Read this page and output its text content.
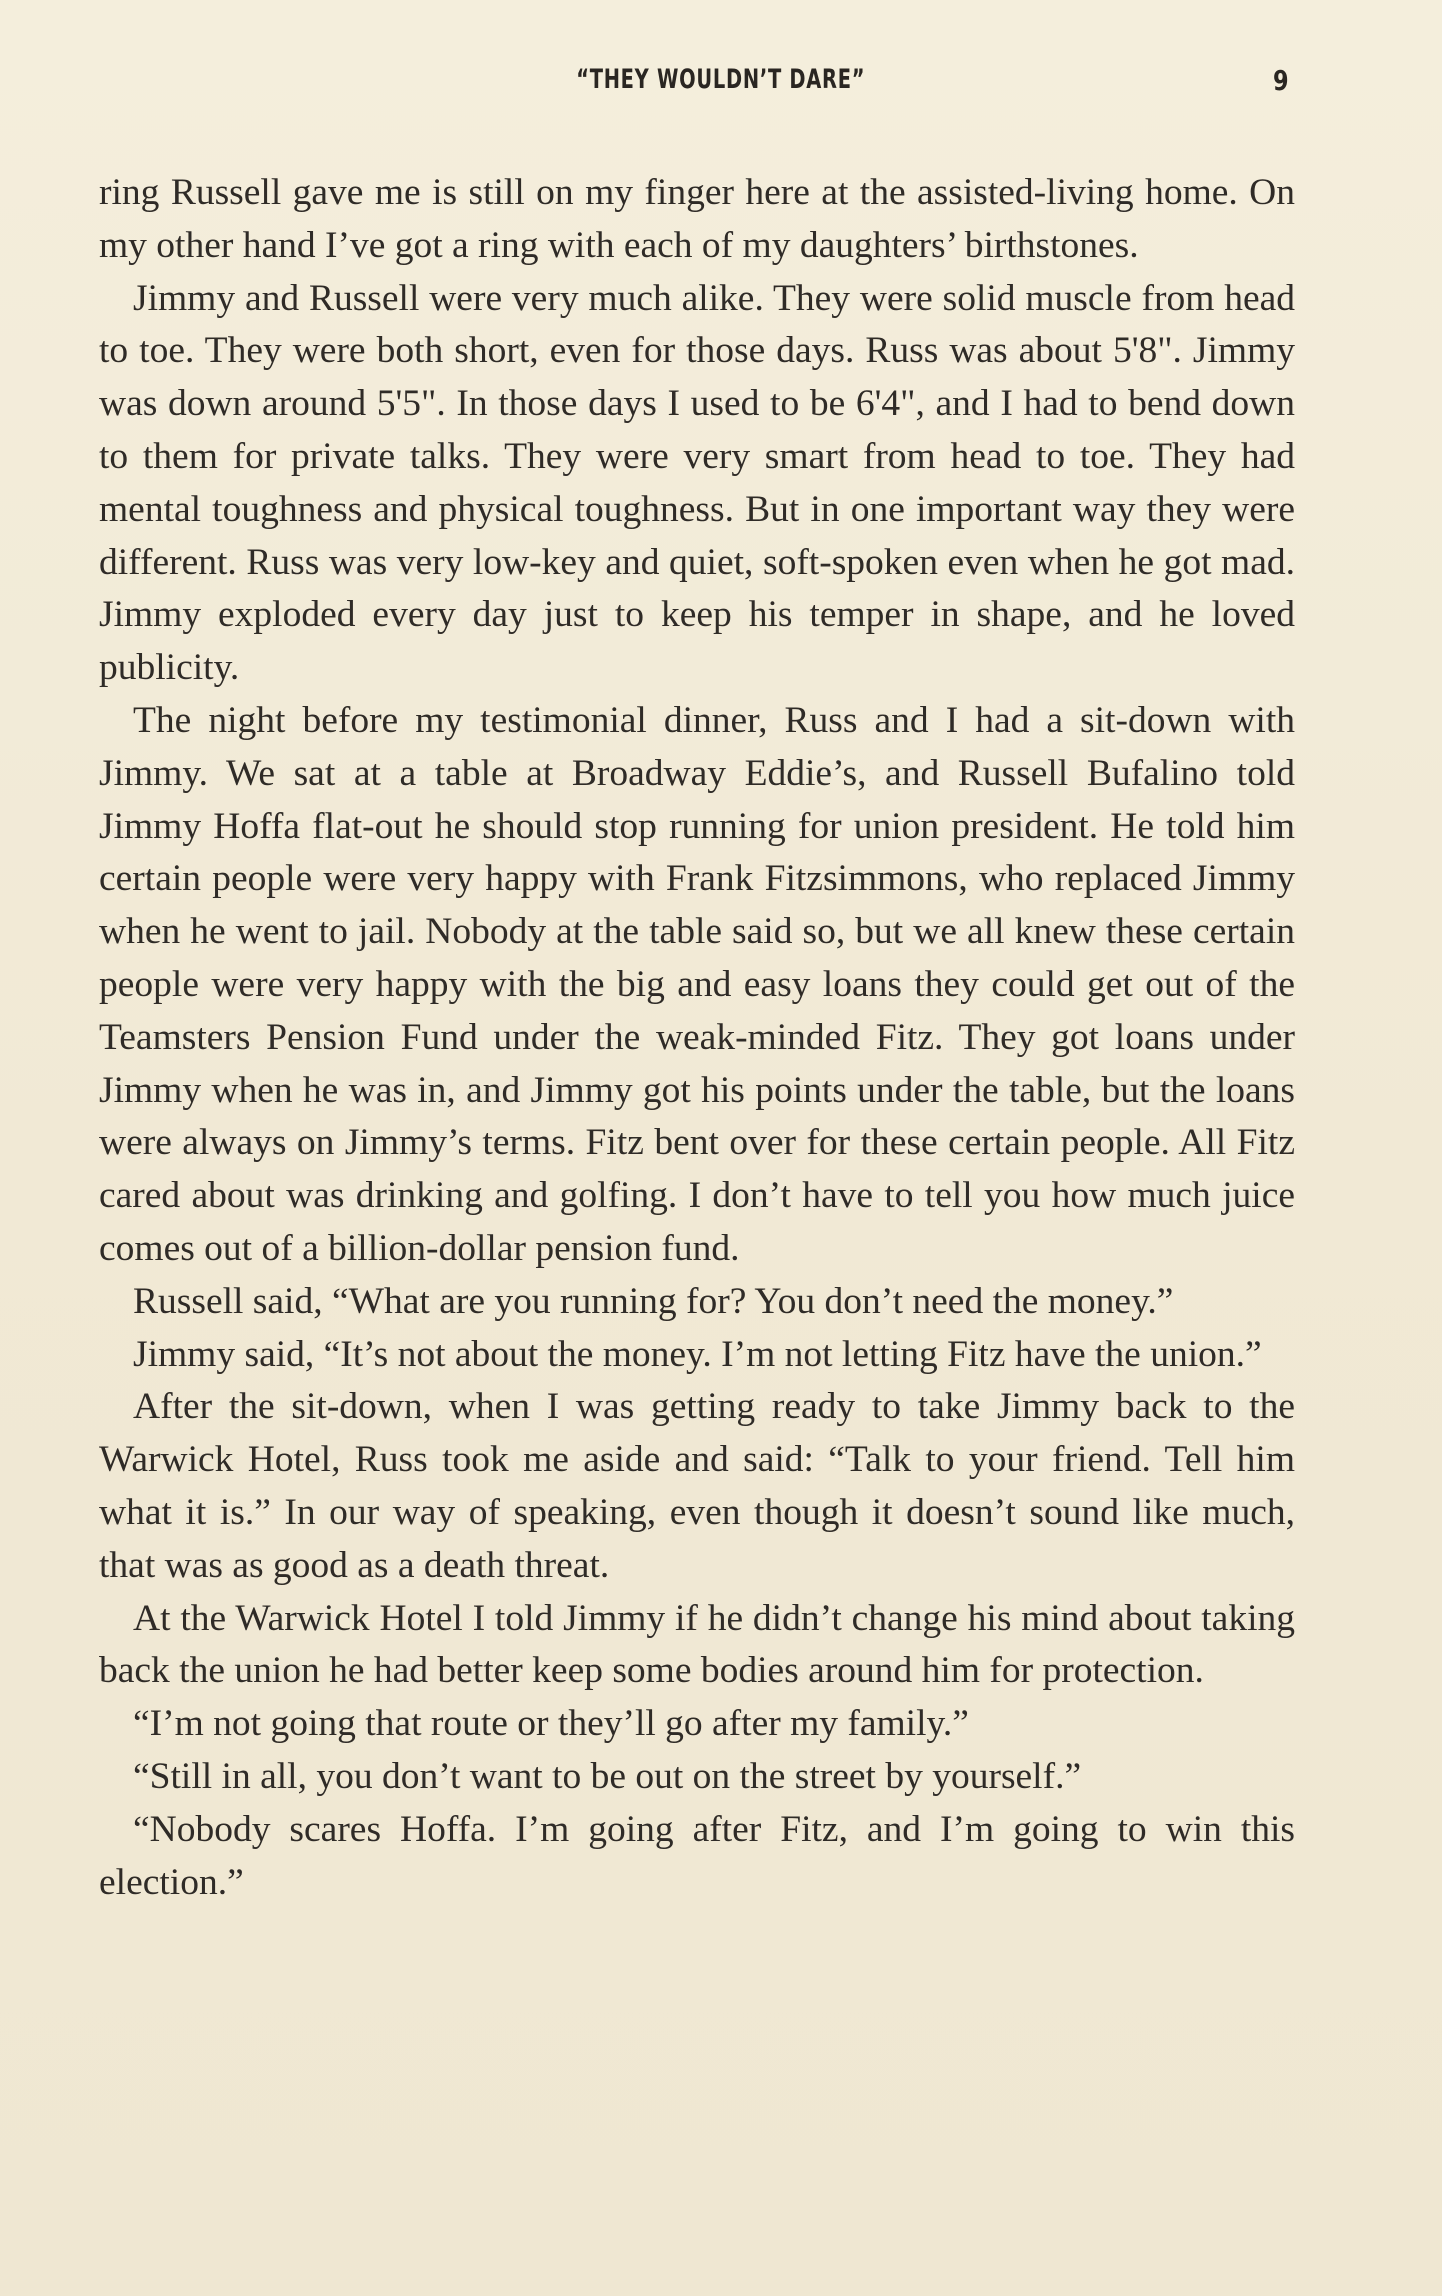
“THEY WOULDN’T DARE”	9

ring Russell gave me is still on my finger here at the assisted-living home. On my other hand I’ve got a ring with each of my daughters’ birthstones.

Jimmy and Russell were very much alike. They were solid muscle from head to toe. They were both short, even for those days. Russ was about 5'8". Jimmy was down around 5'5". In those days I used to be 6'4", and I had to bend down to them for private talks. They were very smart from head to toe. They had mental toughness and physical toughness. But in one important way they were different. Russ was very low-key and quiet, soft-spoken even when he got mad. Jimmy exploded every day just to keep his temper in shape, and he loved publicity.

The night before my testimonial dinner, Russ and I had a sit-down with Jimmy. We sat at a table at Broadway Eddie’s, and Russell Bufalino told Jimmy Hoffa flat-out he should stop running for union president. He told him certain people were very happy with Frank Fitzsimmons, who replaced Jimmy when he went to jail. Nobody at the table said so, but we all knew these certain people were very happy with the big and easy loans they could get out of the Teamsters Pension Fund under the weak-minded Fitz. They got loans under Jimmy when he was in, and Jimmy got his points under the table, but the loans were always on Jimmy’s terms. Fitz bent over for these certain people. All Fitz cared about was drinking and golfing. I don’t have to tell you how much juice comes out of a billion-dollar pension fund.

Russell said, “What are you running for? You don’t need the money.”

Jimmy said, “It’s not about the money. I’m not letting Fitz have the union.”

After the sit-down, when I was getting ready to take Jimmy back to the Warwick Hotel, Russ took me aside and said: “Talk to your friend. Tell him what it is.” In our way of speaking, even though it doesn’t sound like much, that was as good as a death threat.

At the Warwick Hotel I told Jimmy if he didn’t change his mind about taking back the union he had better keep some bodies around him for protection.

“I’m not going that route or they’ll go after my family.”

“Still in all, you don’t want to be out on the street by yourself.”

“Nobody scares Hoffa. I’m going after Fitz, and I’m going to win this election.”
